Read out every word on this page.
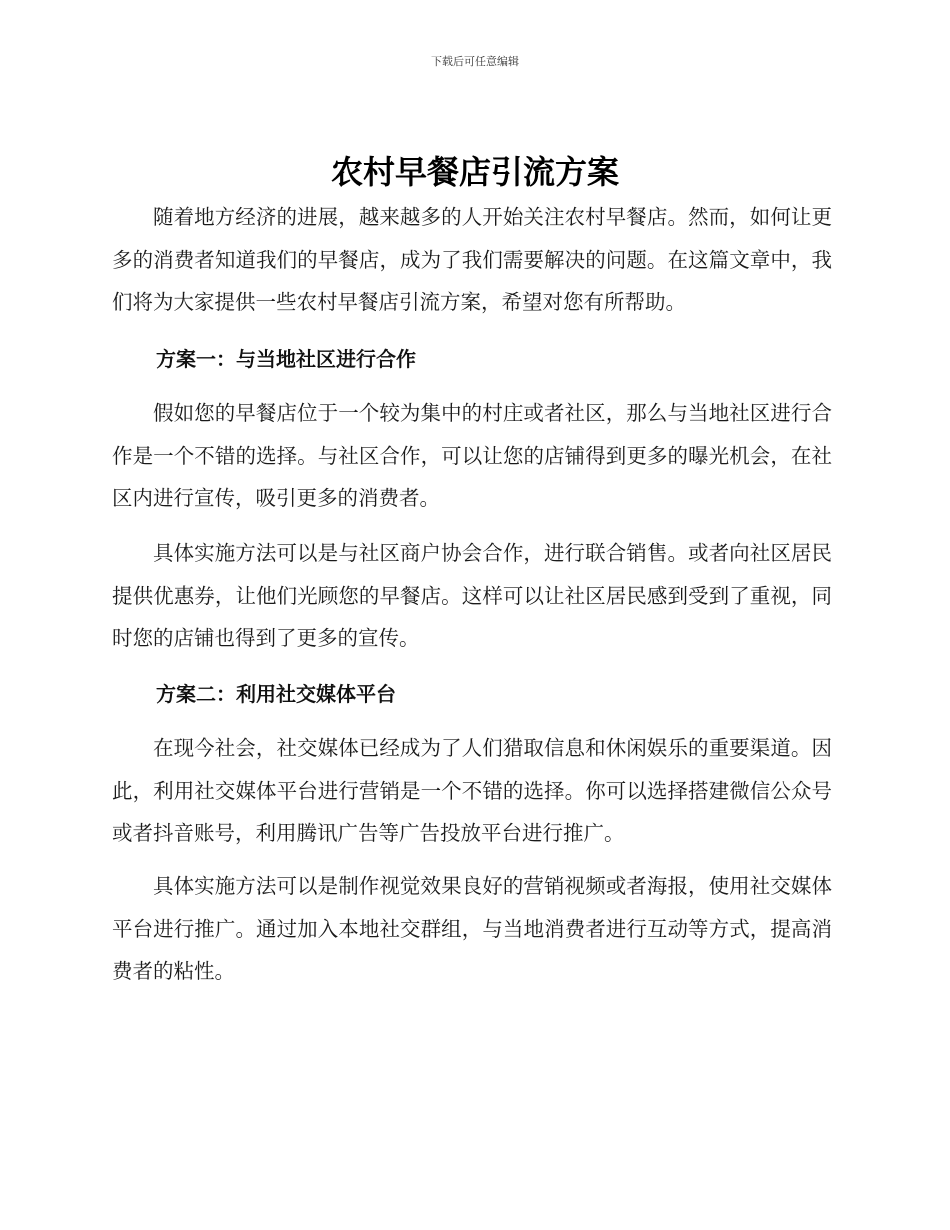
下载后可任意编辑
农村早餐店引流方案

随着地方经济的进展，越来越多的人开始关注农村早餐店。然而，如何让更多的消费者知道我们的早餐店，成为了我们需要解决的问题。在这篇文章中，我们将为大家提供一些农村早餐店引流方案，希望对您有所帮助。

方案一：与当地社区进行合作

假如您的早餐店位于一个较为集中的村庄或者社区，那么与当地社区进行合作是一个不错的选择。与社区合作，可以让您的店铺得到更多的曝光机会，在社区内进行宣传，吸引更多的消费者。

具体实施方法可以是与社区商户协会合作，进行联合销售。或者向社区居民提供优惠券，让他们光顾您的早餐店。这样可以让社区居民感到受到了重视，同时您的店铺也得到了更多的宣传。

方案二：利用社交媒体平台

在现今社会，社交媒体已经成为了人们猎取信息和休闲娱乐的重要渠道。因此，利用社交媒体平台进行营销是一个不错的选择。你可以选择搭建微信公众号或者抖音账号，利用腾讯广告等广告投放平台进行推广。

具体实施方法可以是制作视觉效果良好的营销视频或者海报，使用社交媒体平台进行推广。通过加入本地社交群组，与当地消费者进行互动等方式，提高消费者的粘性。
